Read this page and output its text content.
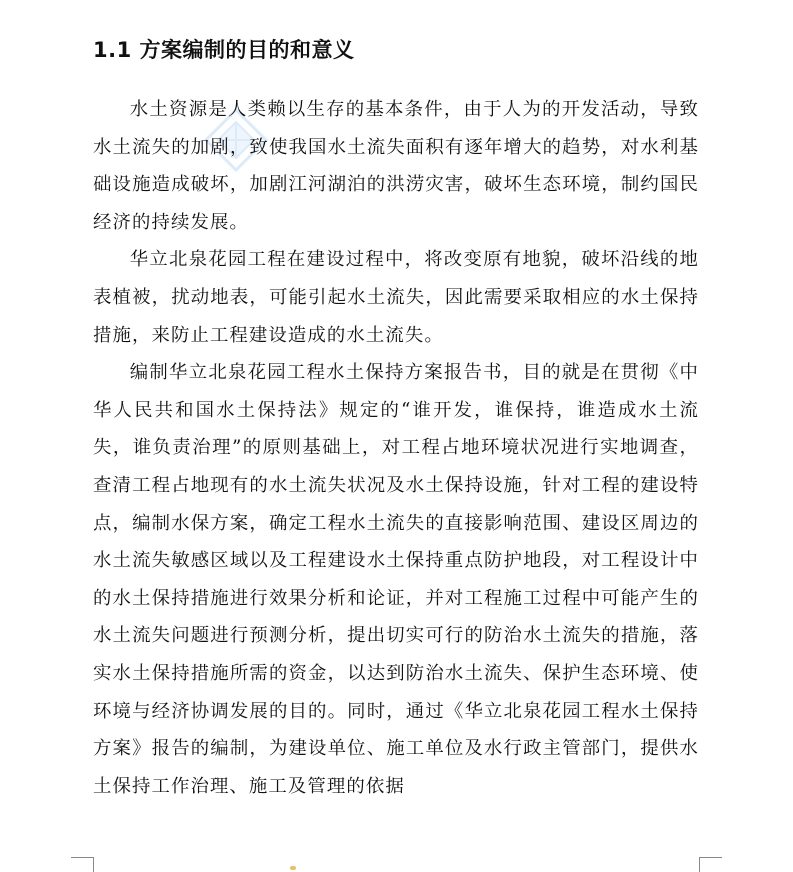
1.1 方案编制的目的和意义

水土资源是人类赖以生存的基本条件，由于人为的开发活动，导致水土流失的加剧，致使我国水土流失面积有逐年增大的趋势，对水利基础设施造成破坏，加剧江河湖泊的洪涝灾害，破坏生态环境，制约国民经济的持续发展。

华立北泉花园工程在建设过程中，将改变原有地貌，破坏沿线的地表植被，扰动地表，可能引起水土流失，因此需要采取相应的水土保持措施，来防止工程建设造成的水土流失。

编制华立北泉花园工程水土保持方案报告书，目的就是在贯彻《中华人民共和国水土保持法》规定的“谁开发，谁保持，谁造成水土流失，谁负责治理”的原则基础上，对工程占地环境状况进行实地调查，查清工程占地现有的水土流失状况及水土保持设施，针对工程的建设特点，编制水保方案，确定工程水土流失的直接影响范围、建设区周边的水土流失敏感区域以及工程建设水土保持重点防护地段，对工程设计中的水土保持措施进行效果分析和论证，并对工程施工过程中可能产生的水土流失问题进行预测分析，提出切实可行的防治水土流失的措施，落实水土保持措施所需的资金，以达到防治水土流失、保护生态环境、使环境与经济协调发展的目的。同时，通过《华立北泉花园工程水土保持方案》报告的编制，为建设单位、施工单位及水行政主管部门，提供水土保持工作治理、施工及管理的依据
